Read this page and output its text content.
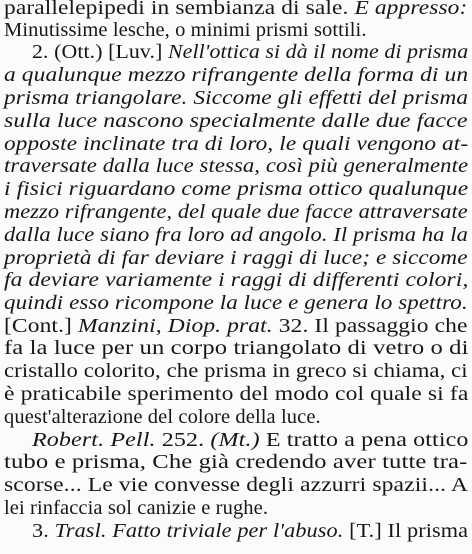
parallelepipedi in sembianza di sale. E appresso:
Minutissime lesche, o minimi prismi sottili.
2. (Ott.) [Luv.] Nell'ottica si dà il nome di prisma
a qualunque mezzo rifrangente della forma di un
prisma triangolare. Siccome gli effetti del prisma
sulla luce nascono specialmente dalle due facce
opposte inclinate tra di loro, le quali vengono at-
traversate dalla luce stessa, così più generalmente
i fisici riguardano come prisma ottico qualunque
mezzo rifrangente, del quale due facce attraversate
dalla luce siano fra loro ad angolo. Il prisma ha la
proprietà di far deviare i raggi di luce; e siccome
fa deviare variamente i raggi di differenti colori,
quindi esso ricompone la luce e genera lo spettro.
[Cont.] Manzini, Diop. prat. 32. Il passaggio che
fa la luce per un corpo triangolato di vetro o di
cristallo colorito, che prisma in greco si chiama, ci
è praticabile sperimento del modo col quale si fa
quest'alterazione del colore della luce.
Robert. Pell. 252. (Mt.) E tratto a pena ottico
tubo e prisma, Che già credendo aver tutte tra-
scorse... Le vie convesse degli azzurri spazii... A
lei rinfaccia sol canizie e rughe.
3. Trasl. Fatto triviale per l'abuso. [T.] Il prisma
